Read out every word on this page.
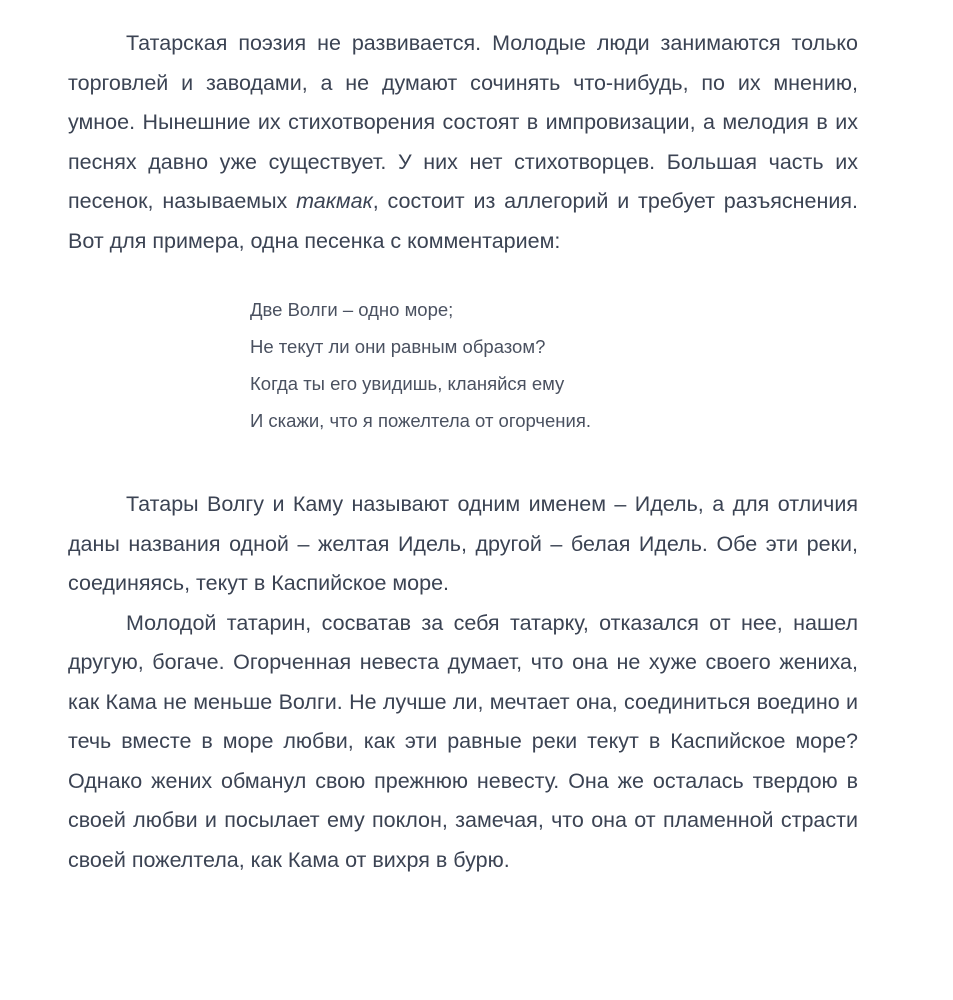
Татарская поэзия не развивается. Молодые люди занимаются только торговлей и заводами, а не думают сочинять что-нибудь, по их мнению, умное. Нынешние их стихотворения состоят в импровизации, а мелодия в их песнях давно уже существует. У них нет стихотворцев. Большая часть их песенок, называемых такмак, состоит из аллегорий и требует разъяснения. Вот для примера, одна песенка с комментарием:

Две Волги – одно море;
Не текут ли они равным образом?
Когда ты его увидишь, кланяйся ему
И скажи, что я пожелтела от огорчения.

Татары Волгу и Каму называют одним именем – Идель, а для отличия даны названия одной – желтая Идель, другой – белая Идель. Обе эти реки, соединяясь, текут в Каспийское море.

Молодой татарин, сосватав за себя татарку, отказался от нее, нашел другую, богаче. Огорченная невеста думает, что она не хуже своего жениха, как Кама не меньше Волги. Не лучше ли, мечтает она, соединиться воедино и течь вместе в море любви, как эти равные реки текут в Каспийское море? Однако жених обманул свою прежнюю невесту. Она же осталась твердою в своей любви и посылает ему поклон, замечая, что она от пламенной страсти своей пожелтела, как Кама от вихря в бурю.
